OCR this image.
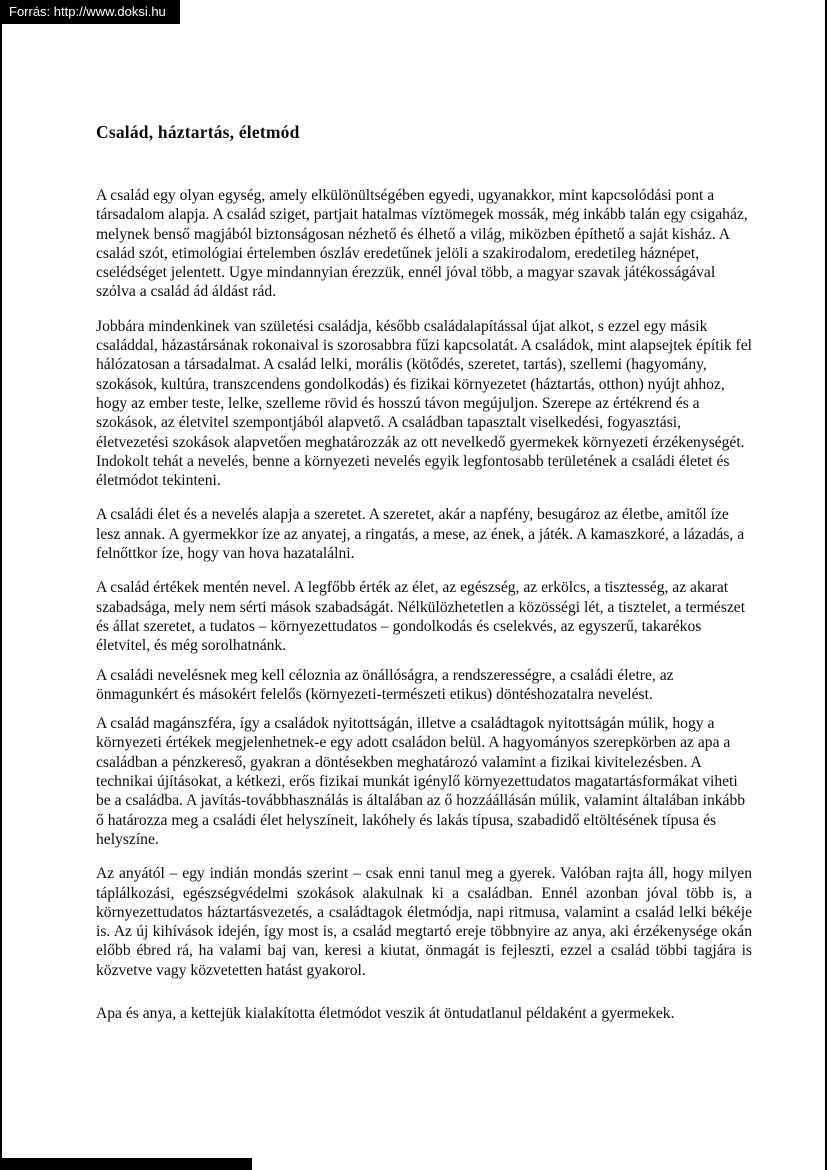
Forrás: http://www.doksi.hu
Család, háztartás, életmód

A család egy olyan egység, amely elkülönültségében egyedi, ugyanakkor, mint kapcsolódási pont a társadalom alapja. A család sziget, partjait hatalmas víztömegek mossák, még inkább talán egy csigaház, melynek benső magjából biztonságosan nézhető és élhető a világ, miközben építhető a saját kisház. A család szót, etimológiai értelemben ószláv eredetűnek jelöli a szakirodalom, eredetileg háznépet, cselédséget jelentett. Ugye mindannyian érezzük, ennél jóval több, a magyar szavak játékosságával szólva a család ád áldást rád.

Jobbára mindenkinek van születési családja, később családalapítással újat alkot, s ezzel egy másik családdal, házastársának rokonaival is szorosabbra fűzi kapcsolatát. A családok, mint alapsejtek építik fel hálózatosan a társadalmat. A család lelki, morális (kötődés, szeretet, tartás), szellemi (hagyomány, szokások, kultúra, transzcendens gondolkodás) és fizikai környezetet (háztartás, otthon) nyújt ahhoz, hogy az ember teste, lelke, szelleme rövid és hosszú távon megújuljon. Szerepe az értékrend és a szokások, az életvitel szempontjából alapvető. A családban tapasztalt viselkedési, fogyasztási, életvezetési szokások alapvetően meghatározzák az ott nevelkedő gyermekek környezeti érzékenységét. Indokolt tehát a nevelés, benne a környezeti nevelés egyik legfontosabb területének a családi életet és életmódot tekinteni.

A családi élet és a nevelés alapja a szeretet. A szeretet, akár a napfény, besugároz az életbe, amitől íze lesz annak. A gyermekkor íze az anyatej, a ringatás, a mese, az ének, a játék. A kamaszkoré, a lázadás, a felnőttkor íze, hogy van hova hazatalálni.

A család értékek mentén nevel. A legfőbb érték az élet, az egészség, az erkölcs, a tisztesség, az akarat szabadsága, mely nem sérti mások szabadságát. Nélkülözhetetlen a közösségi lét, a tisztelet, a természet és állat szeretet, a tudatos – környezettudatos – gondolkodás és cselekvés, az egyszerű, takarékos életvitel, és még sorolhatnánk.

A családi nevelésnek meg kell céloznia az önállóságra, a rendszerességre, a családi életre, az önmagunkért és másokért felelős (környezeti-természeti etikus) döntéshozatalra nevelést.

A család magánszféra, így a családok nyitottságán, illetve a családtagok nyitottságán múlik, hogy a környezeti értékek megjelenhetnek-e egy adott családon belül. A hagyományos szerepkörben az apa a családban a pénzkereső, gyakran a döntésekben meghatározó valamint a fizikai kivitelezésben. A technikai újításokat, a kétkezi, erős fizikai munkát igénylő környezettudatos magatartásformákat viheti be a családba. A javítás-továbbhasználás is általában az ő hozzáállásán múlik, valamint általában inkább ő határozza meg a családi élet helyszíneit, lakóhely és lakás típusa, szabadidő eltöltésének típusa és helyszíne.

Az anyától – egy indián mondás szerint – csak enni tanul meg a gyerek. Valóban rajta áll, hogy milyen táplálkozási, egészségvédelmi szokások alakulnak ki a családban. Ennél azonban jóval több is, a környezettudatos háztartásvezetés, a családtagok életmódja, napi ritmusa, valamint a család lelki békéje is. Az új kihívások idején, így most is, a család megtartó ereje többnyire az anya, aki érzékenysége okán előbb ébred rá, ha valami baj van, keresi a kiutat, önmagát is fejleszti, ezzel a család többi tagjára is közvetve vagy közvetetten hatást gyakorol.

Apa és anya, a kettejük kialakította életmódot veszik át öntudatlanul példaként a gyermekek.
